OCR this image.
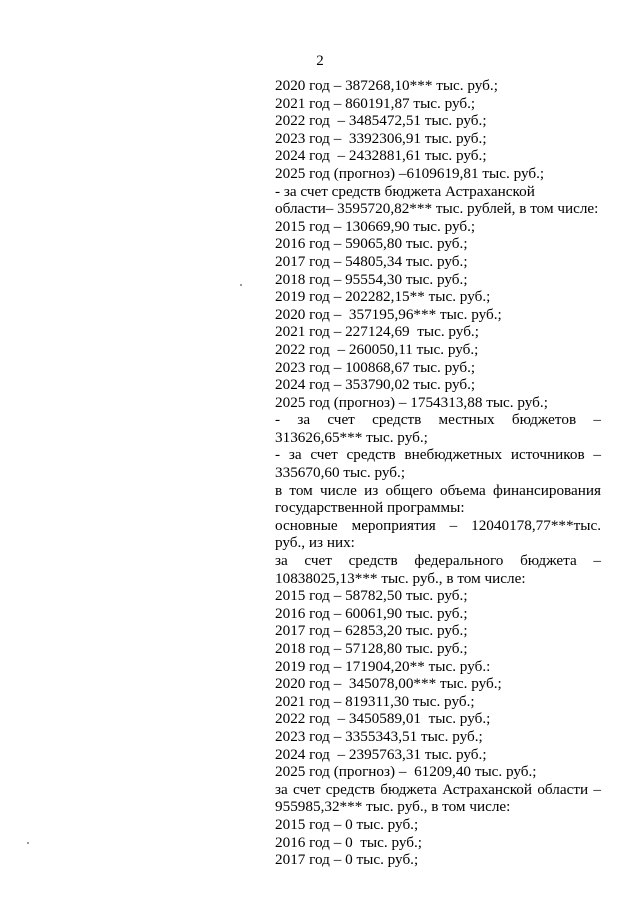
2
2020 год – 387268,10*** тыс. руб.;
2021 год – 860191,87 тыс. руб.;
2022 год  – 3485472,51 тыс. руб.;
2023 год –  3392306,91 тыс. руб.;
2024 год  – 2432881,61 тыс. руб.;
2025 год (прогноз) –6109619,81 тыс. руб.;
- за счет средств бюджета Астраханской
области– 3595720,82*** тыс. рублей, в том числе:
2015 год – 130669,90 тыс. руб.;
2016 год – 59065,80 тыс. руб.;
2017 год – 54805,34 тыс. руб.;
2018 год – 95554,30 тыс. руб.;
2019 год – 202282,15** тыс. руб.;
2020 год –  357195,96*** тыс. руб.;
2021 год – 227124,69  тыс. руб.;
2022 год  – 260050,11 тыс. руб.;
2023 год – 100868,67 тыс. руб.;
2024 год – 353790,02 тыс. руб.;
2025 год (прогноз) – 1754313,88 тыс. руб.;
- за счет средств местных бюджетов –
313626,65*** тыс. руб.;
- за счет средств внебюджетных источников –
335670,60 тыс. руб.;
в том числе из общего объема финансирования
государственной программы:
основные мероприятия – 12040178,77***тыс.
руб., из них:
за счет средств федерального бюджета –
10838025,13*** тыс. руб., в том числе:
2015 год – 58782,50 тыс. руб.;
2016 год – 60061,90 тыс. руб.;
2017 год – 62853,20 тыс. руб.;
2018 год – 57128,80 тыс. руб.;
2019 год – 171904,20** тыс. руб.:
2020 год –  345078,00*** тыс. руб.;
2021 год – 819311,30 тыс. руб.;
2022 год  – 3450589,01  тыс. руб.;
2023 год – 3355343,51 тыс. руб.;
2024 год  – 2395763,31 тыс. руб.;
2025 год (прогноз) –  61209,40 тыс. руб.;
за счет средств бюджета Астраханской области –
955985,32*** тыс. руб., в том числе:
2015 год – 0 тыс. руб.;
2016 год – 0  тыс. руб.;
2017 год – 0 тыс. руб.;
